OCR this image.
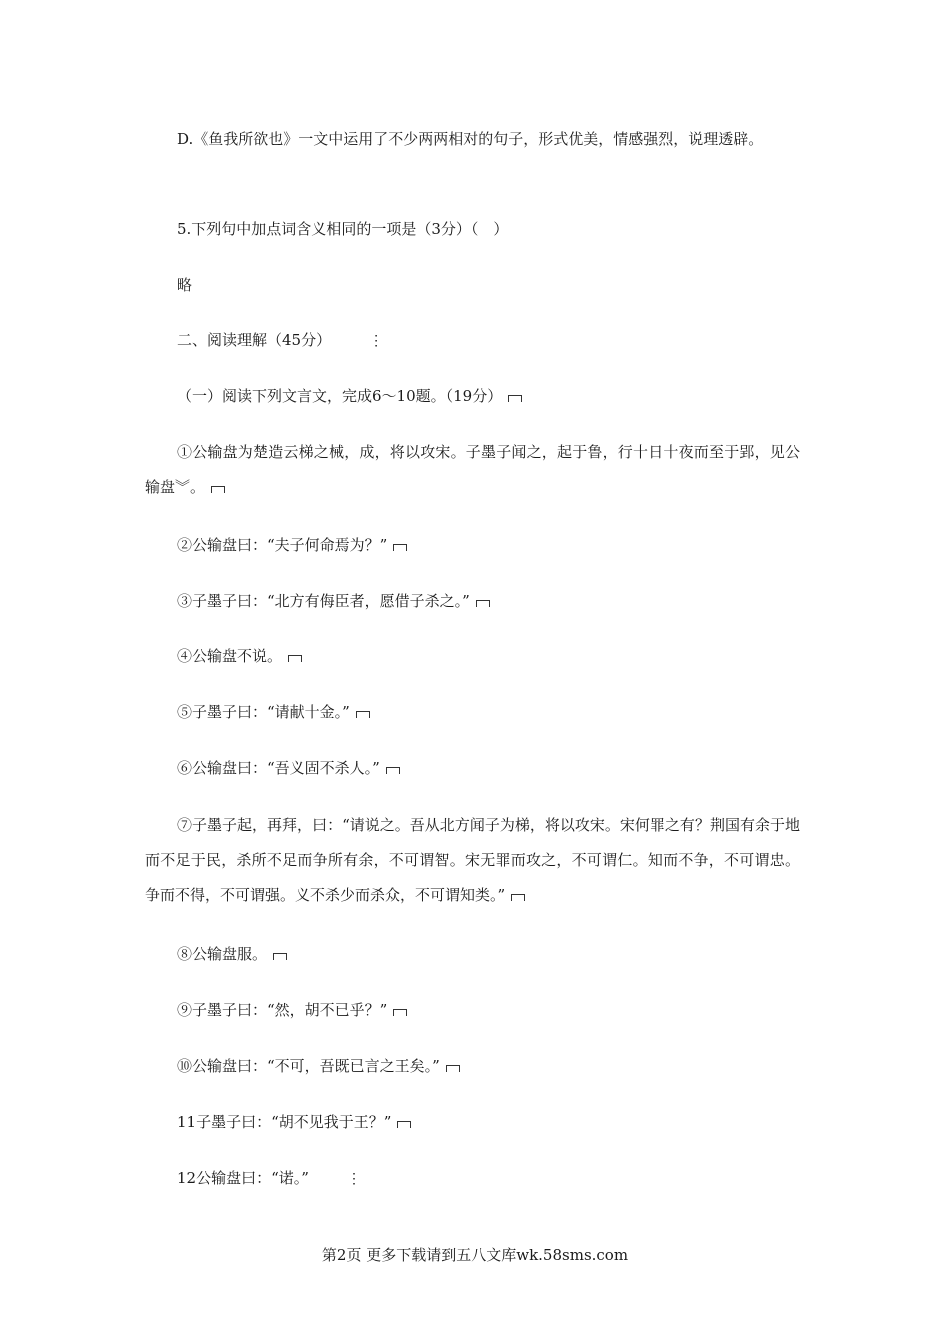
D.《鱼我所欲也》一文中运用了不少两两相对的句子，形式优美，情感强烈，说理透辟。

5.下列句中加点词含义相同的一项是（3分）（　）

略

二、阅读理解（45分）	⋮

（一）阅读下列文言文，完成6～10题。（19分）

①公输盘为楚造云梯之械，成，将以攻宋。子墨子闻之，起于鲁，行十日十夜而至于郢，见公输盘︾。

②公输盘曰：“夫子何命焉为？”

③子墨子曰：“北方有侮臣者，愿借子杀之。”

④公输盘不说。

⑤子墨子曰：“请献十金。”

⑥公输盘曰：“吾义固不杀人。”

⑦子墨子起，再拜，曰：“请说之。吾从北方闻子为梯，将以攻宋。宋何罪之有？荆国有余于地而不足于民，杀所不足而争所有余，不可谓智。宋无罪而攻之，不可谓仁。知而不争，不可谓忠。争而不得，不可谓强。义不杀少而杀众，不可谓知类。”

⑧公输盘服。

⑨子墨子曰：“然，胡不已乎？”

⑩公输盘曰：“不可，吾既已言之王矣。”

11子墨子曰：“胡不见我于王？”

12公输盘曰：“诺。”	⋮

第2页 更多下载请到五八文库wk.58sms.com
